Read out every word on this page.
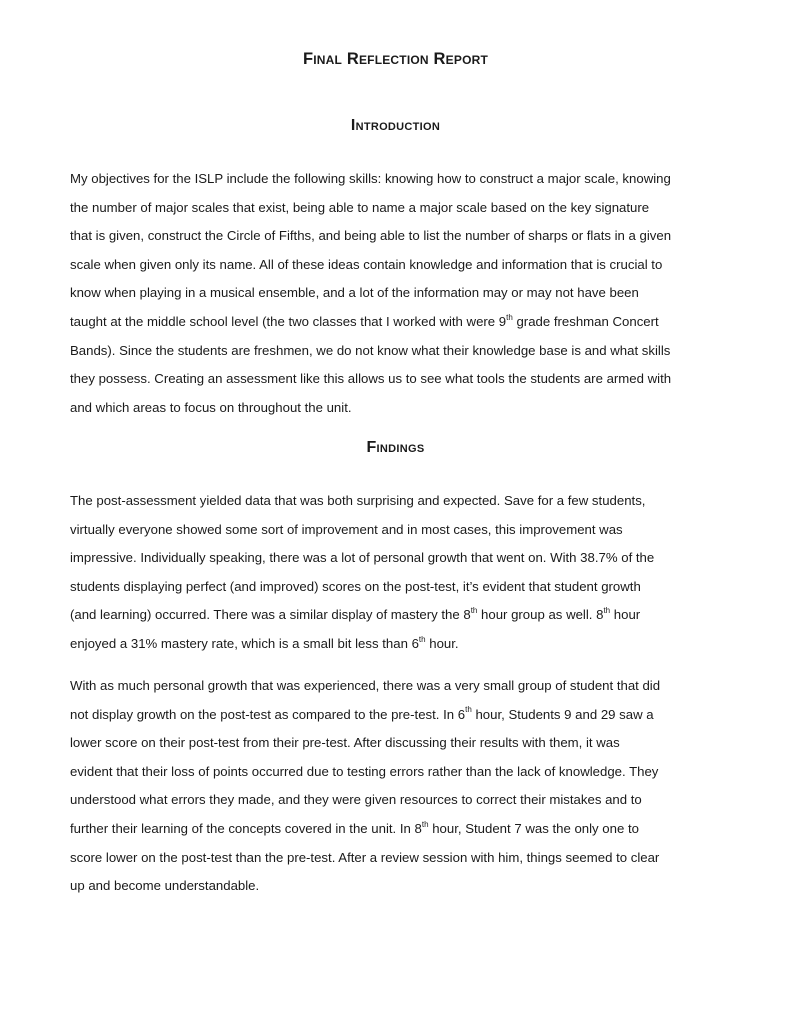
Final Reflection Report
Introduction
My objectives for the ISLP include the following skills: knowing how to construct a major scale, knowing
the number of major scales that exist, being able to name a major scale based on the key signature
that is given, construct the Circle of Fifths, and being able to list the number of sharps or flats in a given
scale when given only its name. All of these ideas contain knowledge and information that is crucial to
know when playing in a musical ensemble, and a lot of the information may or may not have been
taught at the middle school level (the two classes that I worked with were 9th grade freshman Concert
Bands). Since the students are freshmen, we do not know what their knowledge base is and what skills
they possess. Creating an assessment like this allows us to see what tools the students are armed with
and which areas to focus on throughout the unit.
Findings
The post-assessment yielded data that was both surprising and expected. Save for a few students,
virtually everyone showed some sort of improvement and in most cases, this improvement was
impressive. Individually speaking, there was a lot of personal growth that went on. With 38.7% of the
students displaying perfect (and improved) scores on the post-test, it’s evident that student growth
(and learning) occurred. There was a similar display of mastery the 8th hour group as well. 8th hour
enjoyed a 31% mastery rate, which is a small bit less than 6th hour.
With as much personal growth that was experienced, there was a very small group of student that did
not display growth on the post-test as compared to the pre-test. In 6th hour, Students 9 and 29 saw a
lower score on their post-test from their pre-test. After discussing their results with them, it was
evident that their loss of points occurred due to testing errors rather than the lack of knowledge. They
understood what errors they made, and they were given resources to correct their mistakes and to
further their learning of the concepts covered in the unit. In 8th hour, Student 7 was the only one to
score lower on the post-test than the pre-test. After a review session with him, things seemed to clear
up and become understandable.
